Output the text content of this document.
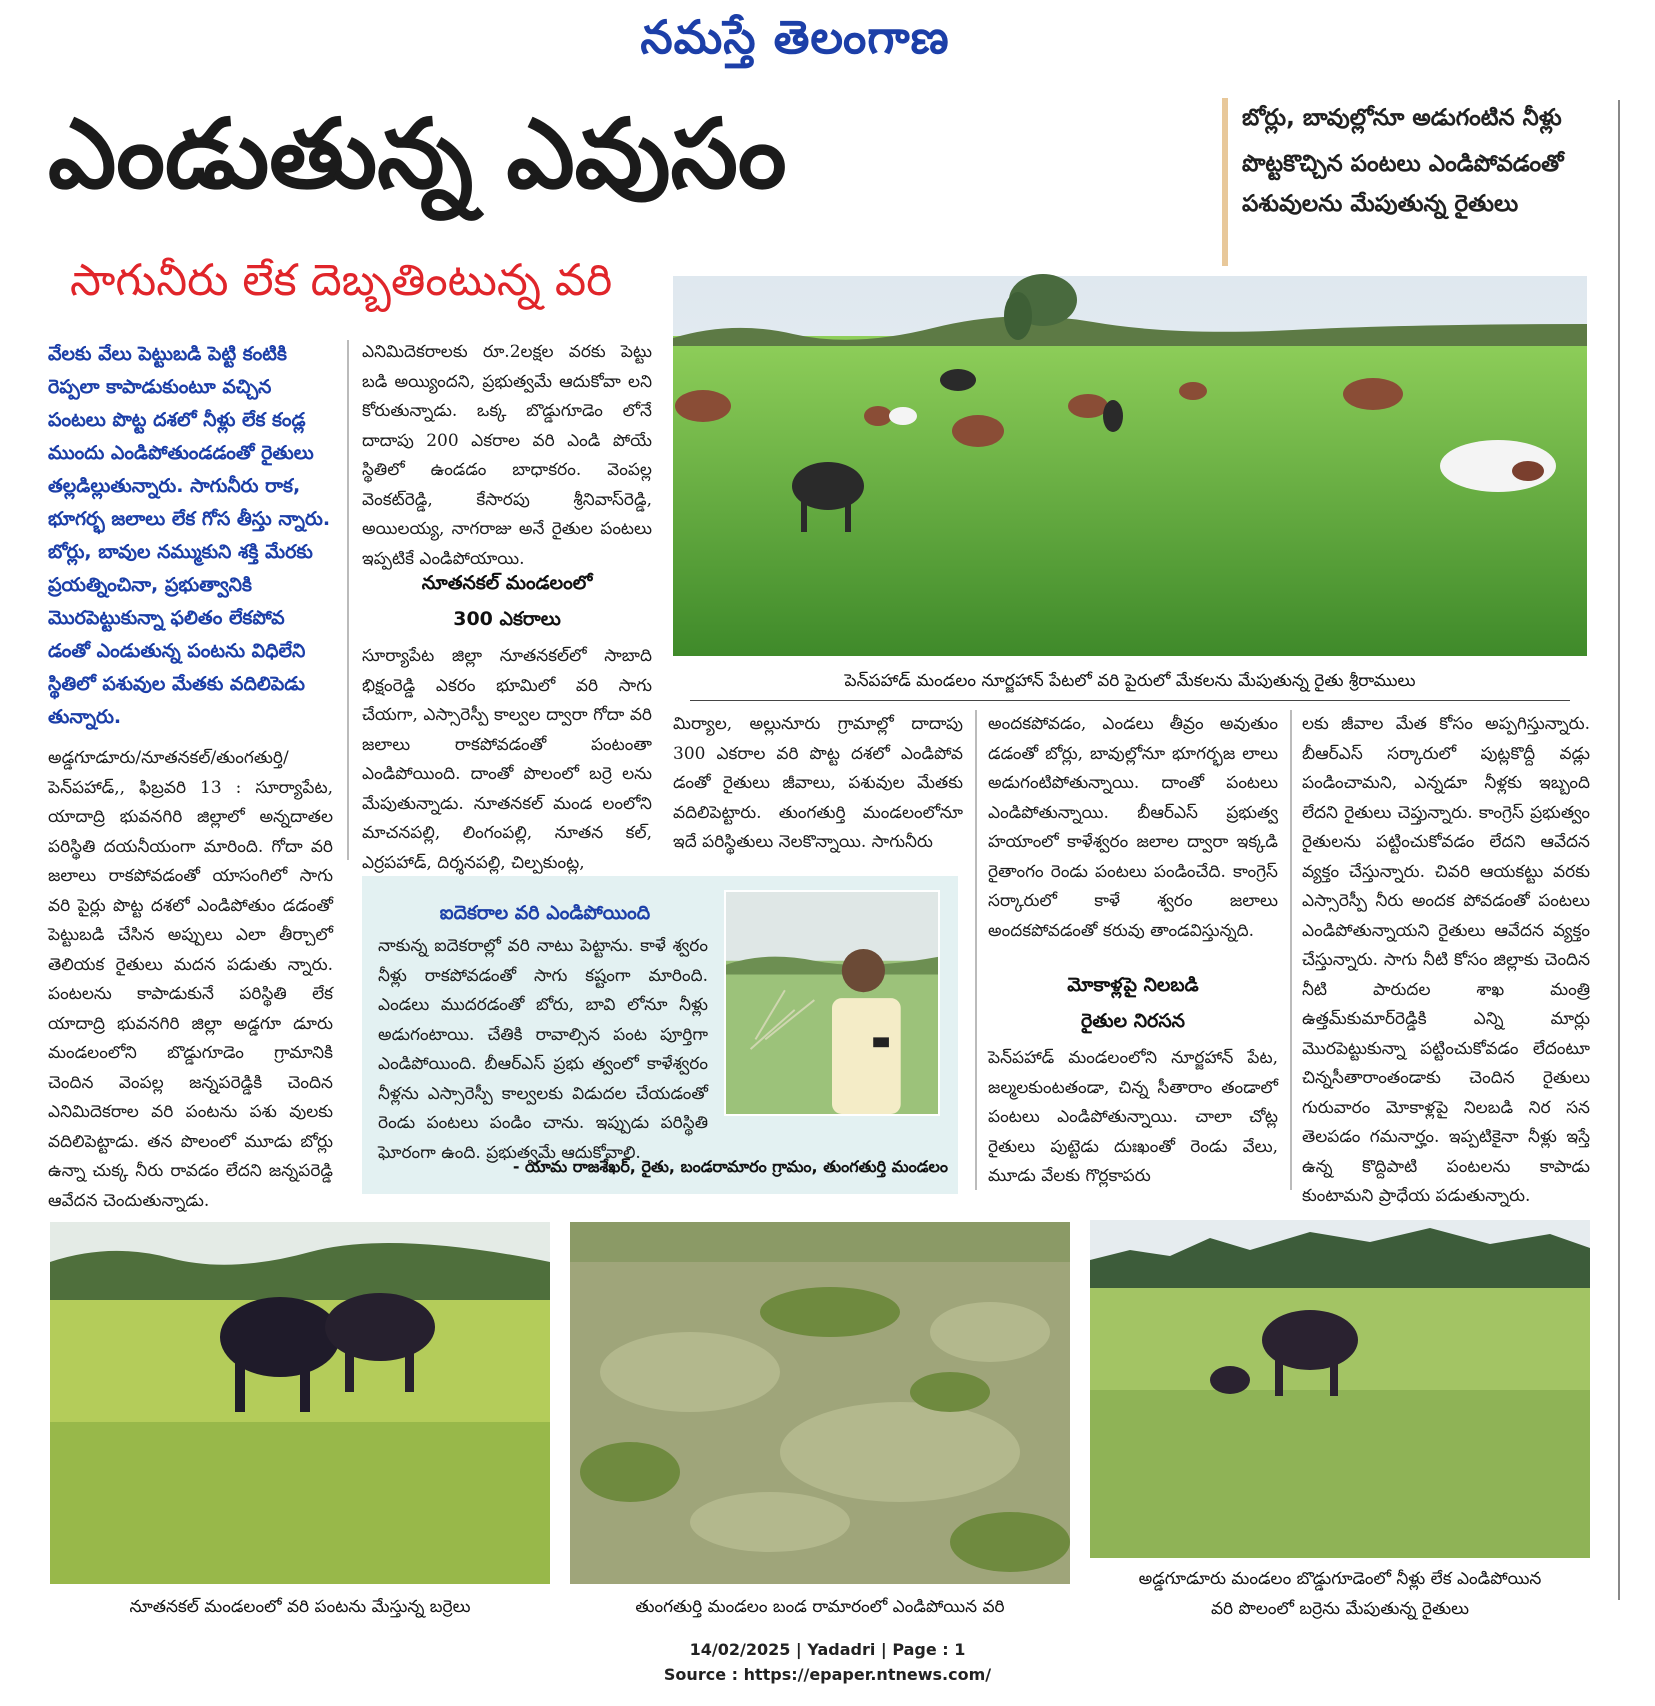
నమస్తే తెలంగాణ
ఎండుతున్న ఎవుసం
సాగునీరు లేక దెబ్బతింటున్న వరి
బోర్లు, బావుల్లోనూ అడుగంటిన నీళ్లు
పొట్టకొచ్చిన పంటలు ఎండిపోవడంతో పశువులను మేపుతున్న రైతులు
పెన్‌పహాడ్ మండలం నూర్జహాన్ పేటలో వరి పైరులో మేకలను మేపుతున్న రైతు శ్రీరాములు
వేలకు వేలు పెట్టుబడి పెట్టి కంటికి రెప్పలా కాపాడుకుంటూ వచ్చిన పంటలు పొట్ట దశలో నీళ్లు లేక కండ్ల ముందు ఎండిపోతుండడంతో రైతులు తల్లడిల్లుతున్నారు. సాగునీరు రాక, భూగర్భ జలాలు లేక గోస తీస్తు న్నారు. బోర్లు, బావుల నమ్ముకుని శక్తి మేరకు ప్రయత్నించినా, ప్రభుత్వానికి మొరపెట్టుకున్నా ఫలితం లేకపోవ డంతో ఎండుతున్న పంటను విధిలేని స్థితిలో పశువుల మేతకు వదిలిపెడు తున్నారు.
అడ్డగూడూరు/నూతనకల్/తుంగతుర్తి/ పెన్‌పహాడ్,, ఫిబ్రవరి 13 : సూర్యాపేట, యాదాద్రి భువనగిరి జిల్లాలో అన్నదాతల పరిస్థితి దయనీయంగా మారింది. గోదా వరి జలాలు రాకపోవడంతో యాసంగిలో సాగు వరి పైర్లు పొట్ట దశలో ఎండిపోతుం డడంతో పెట్టుబడి చేసిన అప్పులు ఎలా తీర్చాలో తెలియక రైతులు మదన పడుతు న్నారు. పంటలను కాపాడుకునే పరిస్థితి లేక యాదాద్రి భువనగిరి జిల్లా అడ్డగూ డూరు మండలంలోని బొడ్డుగూడెం గ్రామానికి చెందిన వెంపల్ల జన్నపరెడ్డికి చెందిన ఎనిమిదెకరాల వరి పంటను పశు వులకు వదిలిపెట్టాడు. తన పొలంలో మూడు బోర్లు ఉన్నా చుక్క నీరు రావడం లేదని జన్నపరెడ్డి ఆవేదన చెందుతున్నాడు.
ఎనిమిదెకరాలకు రూ.2లక్షల వరకు పెట్టు బడి అయ్యిందని, ప్రభుత్వమే ఆదుకోవా లని కోరుతున్నాడు. ఒక్క బొడ్డుగూడెం లోనే దాదాపు 200 ఎకరాల వరి ఎండి పోయే స్థితిలో ఉండడం బాధాకరం. వెంపల్ల వెంకట్‌రెడ్డి, కేసారపు శ్రీనివాస్‌రెడ్డి, అయిలయ్య, నాగరాజు అనే రైతుల పంటలు ఇప్పటికే ఎండిపోయాయి.
నూతనకల్ మండలంలో
300 ఎకరాలు
సూర్యాపేట జిల్లా నూతనకల్‌లో సాబాది భిక్షంరెడ్డి ఎకరం భూమిలో వరి సాగు చేయగా, ఎస్సారెస్పీ కాల్వల ద్వారా గోదా వరి జలాలు రాకపోవడంతో పంటంతా ఎండిపోయింది. దాంతో పొలంలో బర్రె లను మేపుతున్నాడు. నూతనకల్ మండ లంలోని మాచనపల్లి, లింగంపల్లి, నూతన కల్, ఎర్రపహాడ్, దిర్శనపల్లి, చిల్పకుంట్ల,
మిర్యాల, అల్లునూరు గ్రామాల్లో దాదాపు 300 ఎకరాల వరి పొట్ట దశలో ఎండిపోవ డంతో రైతులు జీవాలు, పశువుల మేతకు వదిలిపెట్టారు. తుంగతుర్తి మండలంలోనూ ఇదే పరిస్థితులు నెలకొన్నాయి. సాగునీరు
అందకపోవడం, ఎండలు తీవ్రం అవుతుం డడంతో బోర్లు, బావుల్లోనూ భూగర్భజ లాలు అడుగంటిపోతున్నాయి. దాంతో పంటలు ఎండిపోతున్నాయి. బీఆర్‌ఎస్ ప్రభుత్వ హయాంలో కాళేశ్వరం జలాల ద్వారా ఇక్కడి రైతాంగం రెండు పంటలు పండించేది. కాంగ్రెస్ సర్కారులో కాళే శ్వరం జలాలు అందకపోవడంతో కరువు తాండవిస్తున్నది.
మోకాళ్లపై నిలబడి
రైతుల నిరసన
పెన్‌పహాడ్ మండలంలోని నూర్జహాన్ పేట, జల్మలకుంటతండా, చిన్న సీతారాం తండాలో పంటలు ఎండిపోతున్నాయి. చాలా చోట్ల రైతులు పుట్టెడు దుఃఖంతో రెండు వేలు, మూడు వేలకు గొర్లకాపరు
లకు జీవాల మేత కోసం అప్పగిస్తున్నారు. బీఆర్‌ఎస్ సర్కారులో పుట్లకొద్దీ వడ్లు పండించామని, ఎన్నడూ నీళ్లకు ఇబ్బంది లేదని రైతులు చెప్తున్నారు. కాంగ్రెస్ ప్రభుత్వం రైతులను పట్టించుకోవడం లేదని ఆవేదన వ్యక్తం చేస్తున్నారు. చివరి ఆయకట్టు వరకు ఎస్సారెస్పీ నీరు అందక పోవడంతో పంటలు ఎండిపోతున్నాయని రైతులు ఆవేదన వ్యక్తం చేస్తున్నారు. సాగు నీటి కోసం జిల్లాకు చెందిన నీటి పారుదల శాఖ మంత్రి ఉత్తమ్‌కుమార్‌రెడ్డికి ఎన్ని మార్లు మొరపెట్టుకున్నా పట్టించుకోవడం లేదంటూ చిన్నసీతారాంతండాకు చెందిన రైతులు గురువారం మోకాళ్లపై నిలబడి నిర సన తెలపడం గమనార్హం. ఇప్పటికైనా నీళ్లు ఇస్తే ఉన్న కొద్దిపాటి పంటలను కాపాడు కుంటామని ప్రాధేయ పడుతున్నారు.
ఐదెకరాల వరి ఎండిపోయింది
నాకున్న ఐదెకరాల్లో వరి నాటు పెట్టాను. కాళే శ్వరం నీళ్లు రాకపోవడంతో సాగు కష్టంగా మారింది. ఎండలు ముదరడంతో బోరు, బావి లోనూ నీళ్లు అడుగంటాయి. చేతికి రావాల్సిన పంట పూర్తిగా ఎండిపోయింది. బీఆర్‌ఎస్ ప్రభు త్వంలో కాళేశ్వరం నీళ్లను ఎస్సారెస్పీ కాల్వలకు విడుదల చేయడంతో రెండు పంటలు పండిం చాను. ఇప్పుడు పరిస్థితి ఘోరంగా ఉంది. ప్రభుత్వమే ఆదుకోవాలి.
- యామ రాజశేఖర్, రైతు, బండరామారం గ్రామం, తుంగతుర్తి మండలం
నూతనకల్ మండలంలో వరి పంటను మేస్తున్న బర్రెలు	తుంగతుర్తి మండలం బండ రామారంలో ఎండిపోయిన వరి
అడ్డగూడూరు మండలం బొడ్డుగూడెంలో నీళ్లు లేక ఎండిపోయిన
వరి పొలంలో బర్రెను మేపుతున్న రైతులు
14/02/2025 | Yadadri | Page : 1
Source : https://epaper.ntnews.com/
